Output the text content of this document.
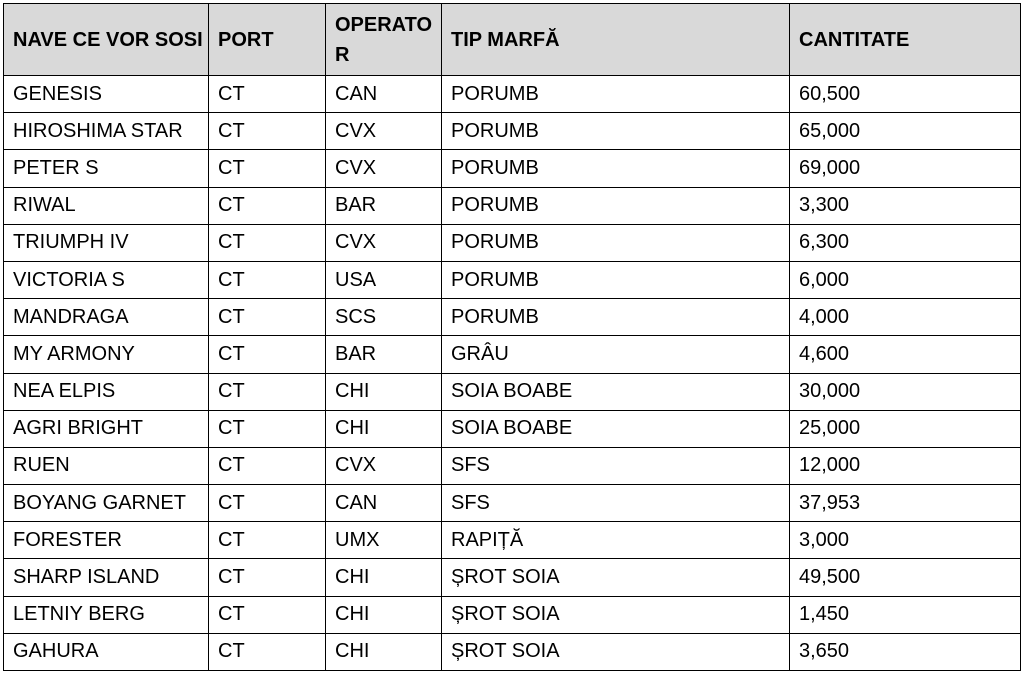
NAVE CE VOR SOSI	PORT	OPERATOR	TIP MARFĂ	CANTITATE
GENESIS	CT	CAN	PORUMB	60,500
HIROSHIMA STAR	CT	CVX	PORUMB	65,000
PETER S	CT	CVX	PORUMB	69,000
RIWAL	CT	BAR	PORUMB	3,300
TRIUMPH IV	CT	CVX	PORUMB	6,300
VICTORIA S	CT	USA	PORUMB	6,000
MANDRAGA	CT	SCS	PORUMB	4,000
MY ARMONY	CT	BAR	GRÂU	4,600
NEA ELPIS	CT	CHI	SOIA BOABE	30,000
AGRI BRIGHT	CT	CHI	SOIA BOABE	25,000
RUEN	CT	CVX	SFS	12,000
BOYANG GARNET	CT	CAN	SFS	37,953
FORESTER	CT	UMX	RAPIȚĂ	3,000
SHARP ISLAND	CT	CHI	ȘROT SOIA	49,500
LETNIY BERG	CT	CHI	ȘROT SOIA	1,450
GAHURA	CT	CHI	ȘROT SOIA	3,650
